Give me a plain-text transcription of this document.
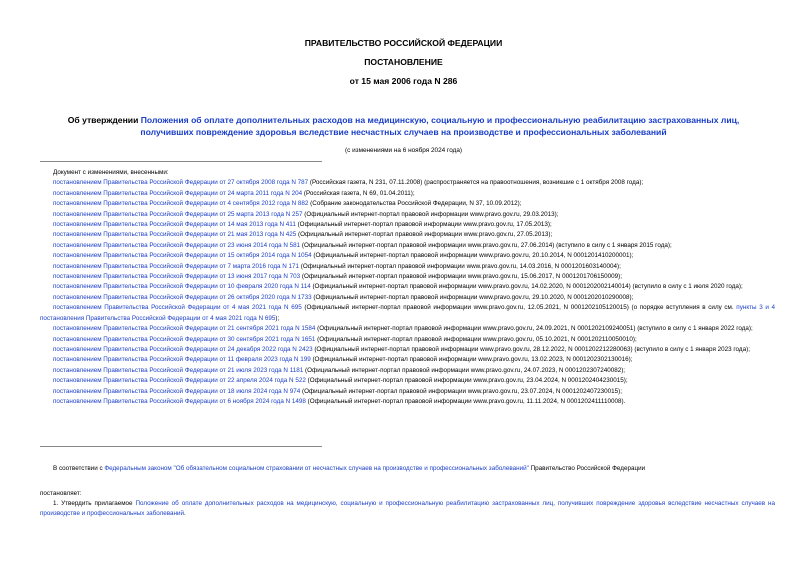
ПРАВИТЕЛЬСТВО РОССИЙСКОЙ ФЕДЕРАЦИИ
ПОСТАНОВЛЕНИЕ
от 15 мая 2006 года N 286
Об утверждении Положения об оплате дополнительных расходов на медицинскую, социальную и профессиональную реабилитацию застрахованных лиц, получивших повреждение здоровья вследствие несчастных случаев на производстве и профессиональных заболеваний
(с изменениями на 6 ноября 2024 года)
Документ с изменениями, внесенными:
постановлением Правительства Российской Федерации от 27 октября 2008 года N 787 (Российская газета, N 231, 07.11.2008) (распространяется на правоотношения, возникшие с 1 октября 2008 года);
постановлением Правительства Российской Федерации от 24 марта 2011 года N 204 (Российская газета, N 69, 01.04.2011);
постановлением Правительства Российской Федерации от 4 сентября 2012 года N 882 (Собрание законодательства Российской Федерации, N 37, 10.09.2012);
постановлением Правительства Российской Федерации от 25 марта 2013 года N 257 (Официальный интернет-портал правовой информации www.pravo.gov.ru, 29.03.2013);
постановлением Правительства Российской Федерации от 14 мая 2013 года N 411 (Официальный интернет-портал правовой информации www.pravo.gov.ru, 17.05.2013);
постановлением Правительства Российской Федерации от 21 мая 2013 года N 425 (Официальный интернет-портал правовой информации www.pravo.gov.ru, 27.05.2013);
постановлением Правительства Российской Федерации от 23 июня 2014 года N 581 (Официальный интернет-портал правовой информации www.pravo.gov.ru, 27.06.2014) (вступило в силу с 1 января 2015 года);
постановлением Правительства Российской Федерации от 15 октября 2014 года N 1054 (Официальный интернет-портал правовой информации www.pravo.gov.ru, 20.10.2014, N 0001201410200001);
постановлением Правительства Российской Федерации от 7 марта 2016 года N 171 (Официальный интернет-портал правовой информации www.pravo.gov.ru, 14.03.2016, N 0001201603140004);
постановлением Правительства Российской Федерации от 13 июня 2017 года N 703 (Официальный интернет-портал правовой информации www.pravo.gov.ru, 15.06.2017, N 0001201706150009);
постановлением Правительства Российской Федерации от 10 февраля 2020 года N 114 (Официальный интернет-портал правовой информации www.pravo.gov.ru, 14.02.2020, N 0001202002140014) (вступило в силу с 1 июля 2020 года);
постановлением Правительства Российской Федерации от 26 октября 2020 года N 1733 (Официальный интернет-портал правовой информации www.pravo.gov.ru, 29.10.2020, N 0001202010290008);
постановлением Правительства Российской Федерации от 4 мая 2021 года N 695 (Официальный интернет-портал правовой информации www.pravo.gov.ru, 12.05.2021, N 0001202105120015) (о порядке вступления в силу см. пункты 3 и 4 постановления Правительства Российской Федерации от 4 мая 2021 года N 695);
постановлением Правительства Российской Федерации от 21 сентября 2021 года N 1584 (Официальный интернет-портал правовой информации www.pravo.gov.ru, 24.09.2021, N 0001202109240051) (вступило в силу с 1 января 2022 года);
постановлением Правительства Российской Федерации от 30 сентября 2021 года N 1651 (Официальный интернет-портал правовой информации www.pravo.gov.ru, 05.10.2021, N 0001202110050010);
постановлением Правительства Российской Федерации от 24 декабря 2022 года N 2423 (Официальный интернет-портал правовой информации www.pravo.gov.ru, 28.12.2022, N 0001202212280063) (вступило в силу с 1 января 2023 года);
постановлением Правительства Российской Федерации от 11 февраля 2023 года N 199 (Официальный интернет-портал правовой информации www.pravo.gov.ru, 13.02.2023, N 0001202302130016);
постановлением Правительства Российской Федерации от 21 июля 2023 года N 1181 (Официальный интернет-портал правовой информации www.pravo.gov.ru, 24.07.2023, N 0001202307240082);
постановлением Правительства Российской Федерации от 22 апреля 2024 года N 522 (Официальный интернет-портал правовой информации www.pravo.gov.ru, 23.04.2024, N 0001202404230015);
постановлением Правительства Российской Федерации от 18 июля 2024 года N 974 (Официальный интернет-портал правовой информации www.pravo.gov.ru, 23.07.2024, N 0001202407230015);
постановлением Правительства Российской Федерации от 6 ноября 2024 года N 1498 (Официальный интернет-портал правовой информации www.pravo.gov.ru, 11.11.2024, N 0001202411110008).
В соответствии с Федеральным законом "Об обязательном социальном страховании от несчастных случаев на производстве и профессиональных заболеваний" Правительство Российской Федерации
постановляет:
1. Утвердить прилагаемое Положение об оплате дополнительных расходов на медицинскую, социальную и профессиональную реабилитацию застрахованных лиц, получивших повреждение здоровья вследствие несчастных случаев на производстве и профессиональных заболеваний.
